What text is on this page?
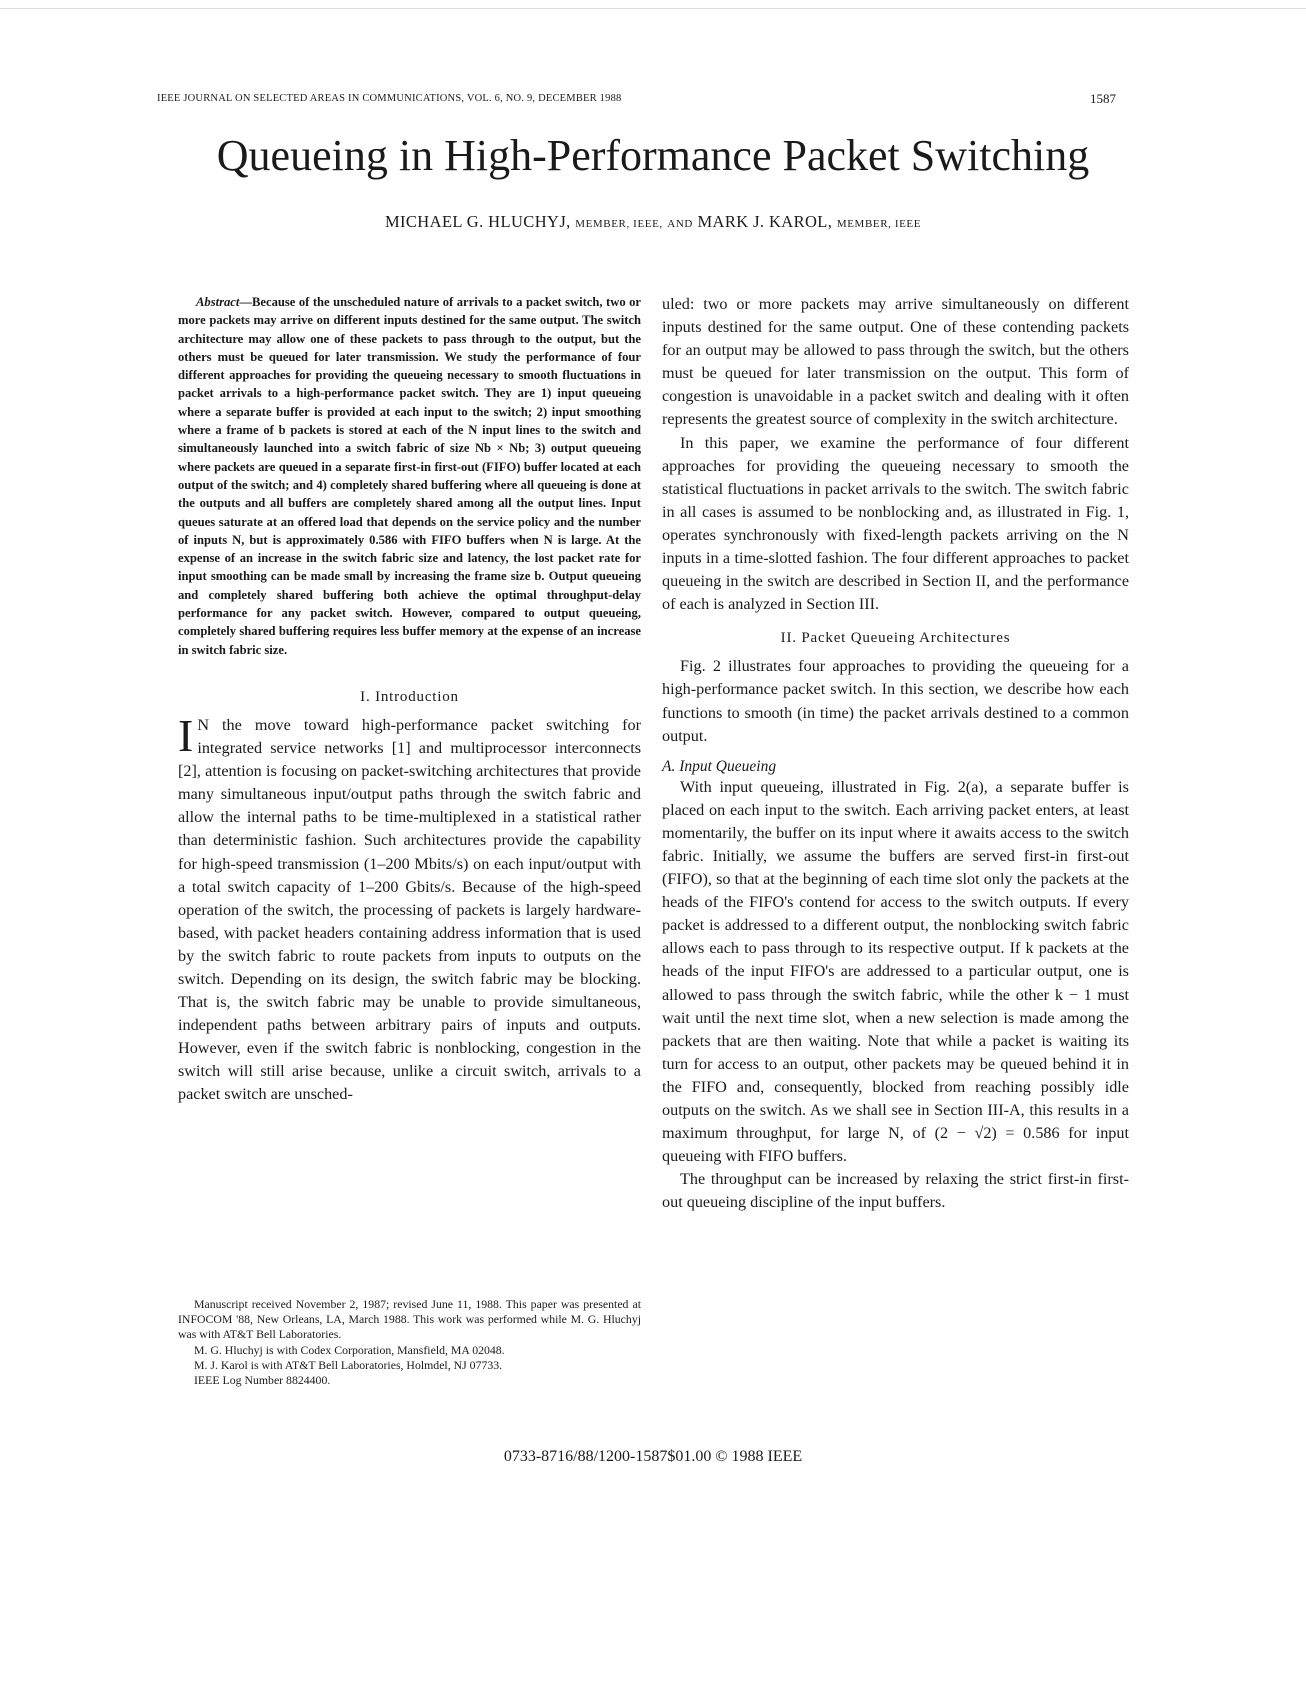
IEEE JOURNAL ON SELECTED AREAS IN COMMUNICATIONS, VOL. 6, NO. 9, DECEMBER 1988	1587
Queueing in High-Performance Packet Switching
MICHAEL G. HLUCHYJ, MEMBER, IEEE, AND MARK J. KAROL, MEMBER, IEEE

Abstract—Because of the unscheduled nature of arrivals to a packet switch, two or more packets may arrive on different inputs destined for the same output. The switch architecture may allow one of these packets to pass through to the output, but the others must be queued for later transmission. We study the performance of four different approaches for providing the queueing necessary to smooth fluctuations in packet arrivals to a high-performance packet switch. They are 1) input queueing where a separate buffer is provided at each input to the switch; 2) input smoothing where a frame of b packets is stored at each of the N input lines to the switch and simultaneously launched into a switch fabric of size Nb × Nb; 3) output queueing where packets are queued in a separate first-in first-out (FIFO) buffer located at each output of the switch; and 4) completely shared buffering where all queueing is done at the outputs and all buffers are completely shared among all the output lines. Input queues saturate at an offered load that depends on the service policy and the number of inputs N, but is approximately 0.586 with FIFO buffers when N is large. At the expense of an increase in the switch fabric size and latency, the lost packet rate for input smoothing can be made small by increasing the frame size b. Output queueing and completely shared buffering both achieve the optimal throughput-delay performance for any packet switch. However, compared to output queueing, completely shared buffering requires less buffer memory at the expense of an increase in switch fabric size.

I. Introduction

IN the move toward high-performance packet switching for integrated service networks [1] and multiprocessor interconnects [2], attention is focusing on packet-switching architectures that provide many simultaneous input/output paths through the switch fabric and allow the internal paths to be time-multiplexed in a statistical rather than deterministic fashion. Such architectures provide the capability for high-speed transmission (1–200 Mbits/s) on each input/output with a total switch capacity of 1–200 Gbits/s. Because of the high-speed operation of the switch, the processing of packets is largely hardware-based, with packet headers containing address information that is used by the switch fabric to route packets from inputs to outputs on the switch. Depending on its design, the switch fabric may be blocking. That is, the switch fabric may be unable to provide simultaneous, independent paths between arbitrary pairs of inputs and outputs. However, even if the switch fabric is nonblocking, congestion in the switch will still arise because, unlike a circuit switch, arrivals to a packet switch are unsched-

Manuscript received November 2, 1987; revised June 11, 1988. This paper was presented at INFOCOM '88, New Orleans, LA, March 1988. This work was performed while M. G. Hluchyj was with AT&T Bell Laboratories.

M. G. Hluchyj is with Codex Corporation, Mansfield, MA 02048.

M. J. Karol is with AT&T Bell Laboratories, Holmdel, NJ 07733.

IEEE Log Number 8824400.

uled: two or more packets may arrive simultaneously on different inputs destined for the same output. One of these contending packets for an output may be allowed to pass through the switch, but the others must be queued for later transmission on the output. This form of congestion is unavoidable in a packet switch and dealing with it often represents the greatest source of complexity in the switch architecture.

In this paper, we examine the performance of four different approaches for providing the queueing necessary to smooth the statistical fluctuations in packet arrivals to the switch. The switch fabric in all cases is assumed to be nonblocking and, as illustrated in Fig. 1, operates synchronously with fixed-length packets arriving on the N inputs in a time-slotted fashion. The four different approaches to packet queueing in the switch are described in Section II, and the performance of each is analyzed in Section III.

II. Packet Queueing Architectures

Fig. 2 illustrates four approaches to providing the queueing for a high-performance packet switch. In this section, we describe how each functions to smooth (in time) the packet arrivals destined to a common output.

A. Input Queueing

With input queueing, illustrated in Fig. 2(a), a separate buffer is placed on each input to the switch. Each arriving packet enters, at least momentarily, the buffer on its input where it awaits access to the switch fabric. Initially, we assume the buffers are served first-in first-out (FIFO), so that at the beginning of each time slot only the packets at the heads of the FIFO's contend for access to the switch outputs. If every packet is addressed to a different output, the nonblocking switch fabric allows each to pass through to its respective output. If k packets at the heads of the input FIFO's are addressed to a particular output, one is allowed to pass through the switch fabric, while the other k − 1 must wait until the next time slot, when a new selection is made among the packets that are then waiting. Note that while a packet is waiting its turn for access to an output, other packets may be queued behind it in the FIFO and, consequently, blocked from reaching possibly idle outputs on the switch. As we shall see in Section III-A, this results in a maximum throughput, for large N, of (2 − √2) = 0.586 for input queueing with FIFO buffers.

The throughput can be increased by relaxing the strict first-in first-out queueing discipline of the input buffers.

0733-8716/88/1200-1587$01.00 © 1988 IEEE
